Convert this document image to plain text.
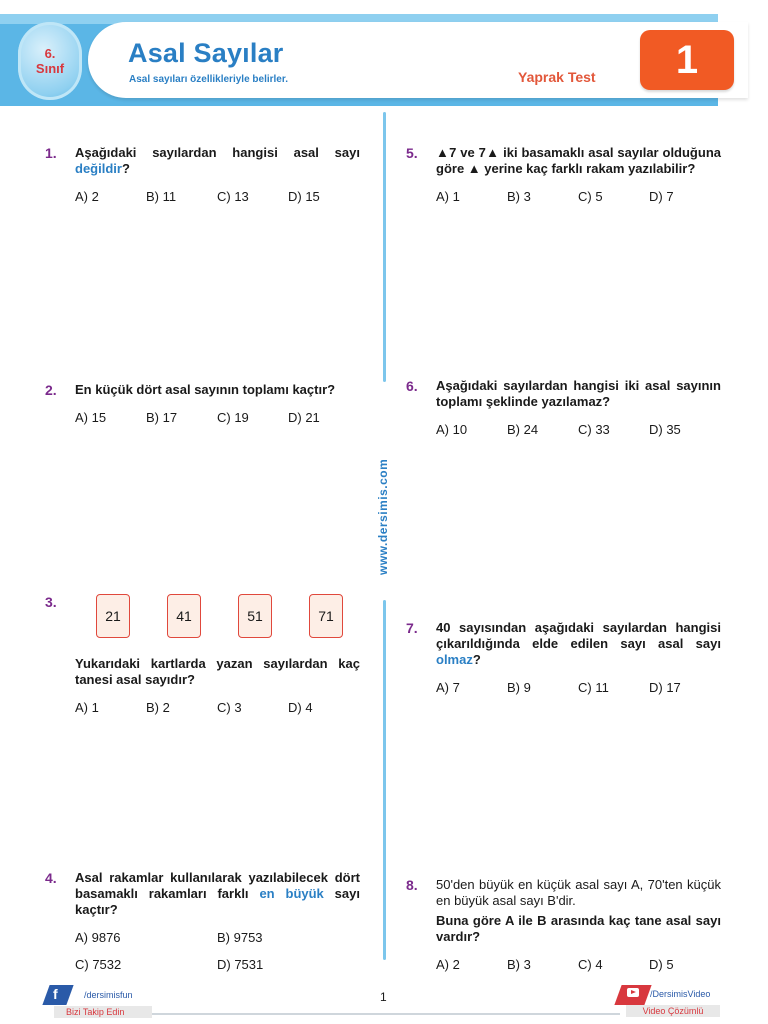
6.
Sınıf
Asal Sayılar
Asal sayıları özellikleriyle belirler.	Yaprak Test	1
www.dersimis.com
1. Aşağıdaki sayılardan hangisi asal sayı değildir?
A) 2	B) 11	C) 13	D) 15
2. En küçük dört asal sayının toplamı kaçtır?
A) 15	B) 17	C) 19	D) 21
3.
21	41	51	71
Yukarıdaki kartlarda yazan sayılardan kaç tanesi asal sayıdır?
A) 1	B) 2	C) 3	D) 4
4. Asal rakamlar kullanılarak yazılabilecek dört basamaklı rakamları farklı en büyük sayı kaçtır?
A) 9876	B) 9753
C) 7532	D) 7531
5. ▲7 ve 7▲ iki basamaklı asal sayılar olduğuna göre ▲ yerine kaç farklı rakam yazılabilir?
A) 1	B) 3	C) 5	D) 7
6. Aşağıdaki sayılardan hangisi iki asal sayının toplamı şeklinde yazılamaz?
A) 10	B) 24	C) 33	D) 35
7. 40 sayısından aşağıdaki sayılardan hangisi çıkarıldığında elde edilen sayı asal sayı olmaz?
A) 7	B) 9	C) 11	D) 17
8. 50'den büyük en küçük asal sayı A, 70'ten küçük en büyük asal sayı B'dir.
Buna göre A ile B arasında kaç tane asal sayı vardır?
A) 2	B) 3	C) 4	D) 5
1
f	/dersimisfun
Bizi Takip Edin
/DersimisVideo
Video Çözümlü
